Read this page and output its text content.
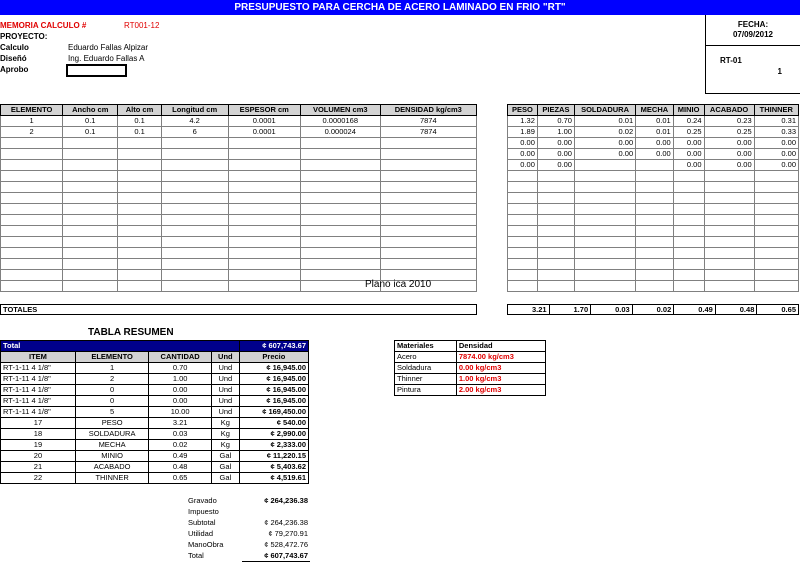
PRESUPUESTO PARA CERCHA DE ACERO LAMINADO EN FRIO "RT"
MEMORIA CALCULO #	RT001-12
PROYECTO:
Calculo	Eduardo Fallas Alpizar
Diseñó	Ing. Eduardo Fallas A
Aprobo
FECHA:
07/09/2012
RT-01
1
ELEMENTO	Ancho cm	Alto cm	Longitud cm	ESPESOR cm	VOLUMEN cm3	DENSIDAD kg/cm3
1	0.1	0.1	4.2	0.0001	0.0000168	7874
2	0.1	0.1	6	0.0001	0.000024	7874

PESO	PIEZAS	SOLDADURA	MECHA	MINIO	ACABADO	THINNER
1.32	0.70	0.01	0.01	0.24	0.23	0.31
1.89	1.00	0.02	0.01	0.25	0.25	0.33
0.00	0.00	0.00	0.00	0.00	0.00	0.00
0.00	0.00	0.00	0.00	0.00	0.00	0.00
0.00	0.00			0.00	0.00	0.00

Plano ica 2010
TOTALES	3.21	1.70	0.03	0.02	0.49	0.48	0.65
TABLA RESUMEN
Total				¢ 607,743.67
ITEM	ELEMENTO	CANTIDAD	Und	Precio
RT-1-11 4 1/8"	1	0.70	Und	¢ 16,945.00
RT-1-11 4 1/8"	2	1.00	Und	¢ 16,945.00
RT-1-11 4 1/8"	0	0.00	Und	¢ 16,945.00
RT-1-11 4 1/8"	0	0.00	Und	¢ 16,945.00
RT-1-11 4 1/8"	5	10.00	Und	¢ 169,450.00
17	PESO	3.21	Kg	¢ 540.00
18	SOLDADURA	0.03	Kg	¢ 2,990.00
19	MECHA	0.02	Kg	¢ 2,333.00
20	MINIO	0.49	Gal	¢ 11,220.15
21	ACABADO	0.48	Gal	¢ 5,403.62
22	THINNER	0.65	Gal	¢ 4,519.61
Materiales	Densidad
Acero	7874.00 kg/cm3
Soldadura	0.00 kg/cm3
Thinner	1.00 kg/cm3
Pintura	2.00 kg/cm3
Gravado	¢ 264,236.38
Impuesto	
Subtotal	¢ 264,236.38
Utilidad	¢ 79,270.91
ManoObra	¢ 528,472.76
Total	¢ 607,743.67
